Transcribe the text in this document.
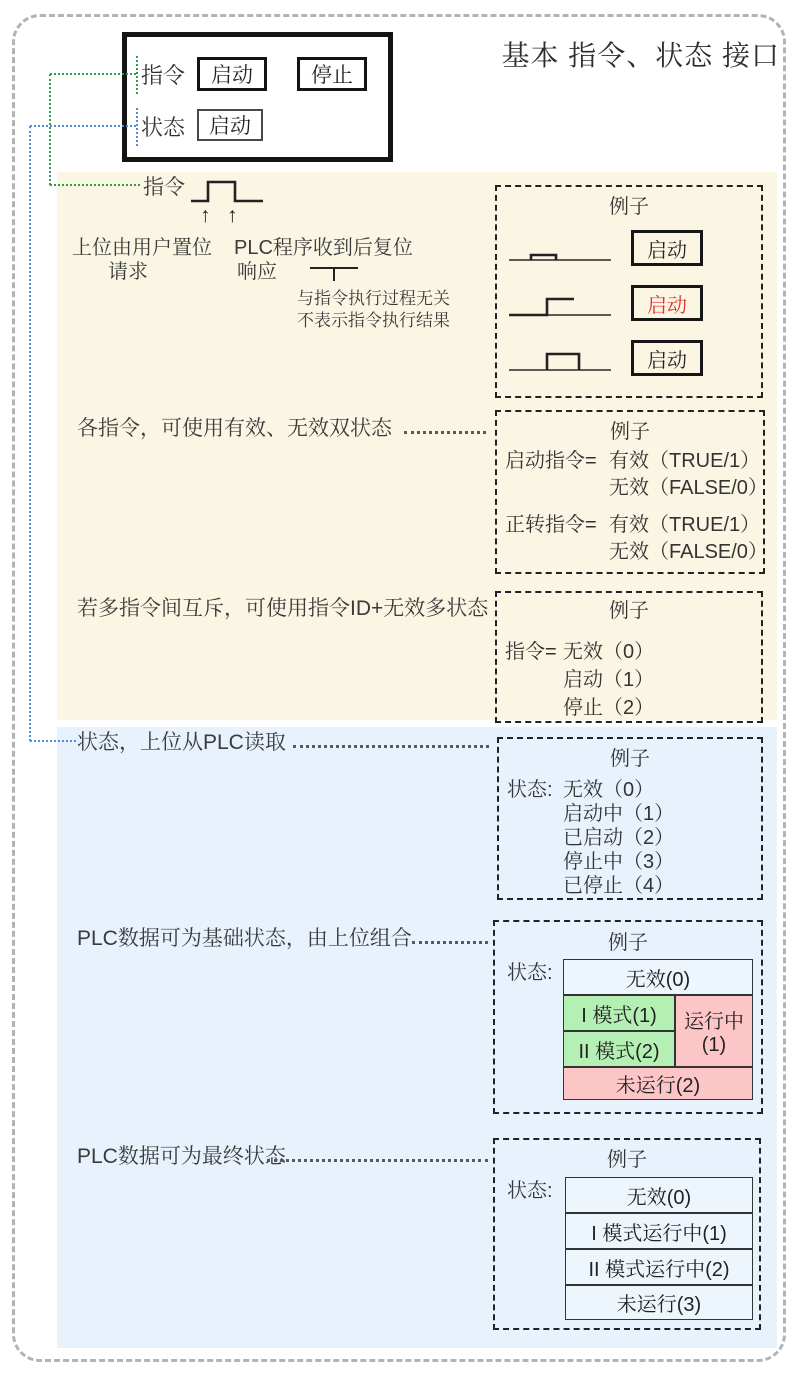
基本 指令、状态 接口
指令	启动	停止
状态	启动
指令
↑ ↑
上位由用户置位
请求
PLC程序收到后复位
响应
与指令执行过程无关
不表示指令执行结果
例子
启动
启动
启动
各指令，可使用有效、无效双状态	例子
启动指令= 有效（TRUE/1）
无效（FALSE/0）
正转指令= 有效（TRUE/1）
无效（FALSE/0）
若多指令间互斥，可使用指令ID+无效多状态	例子
指令= 无效（0）
启动（1）
停止（2）
状态，上位从PLC读取
例子
状态: 无效（0）
启动中（1）
已启动（2）
停止中（3）
已停止（4）
PLC数据可为基础状态，由上位组合	例子
状态:	无效(0)
I 模式(1)
II 模式(2)
运行中
(1)
未运行(2)
PLC数据可为最终状态	例子
状态:	无效(0)
I 模式运行中(1)
II 模式运行中(2)
未运行(3)
